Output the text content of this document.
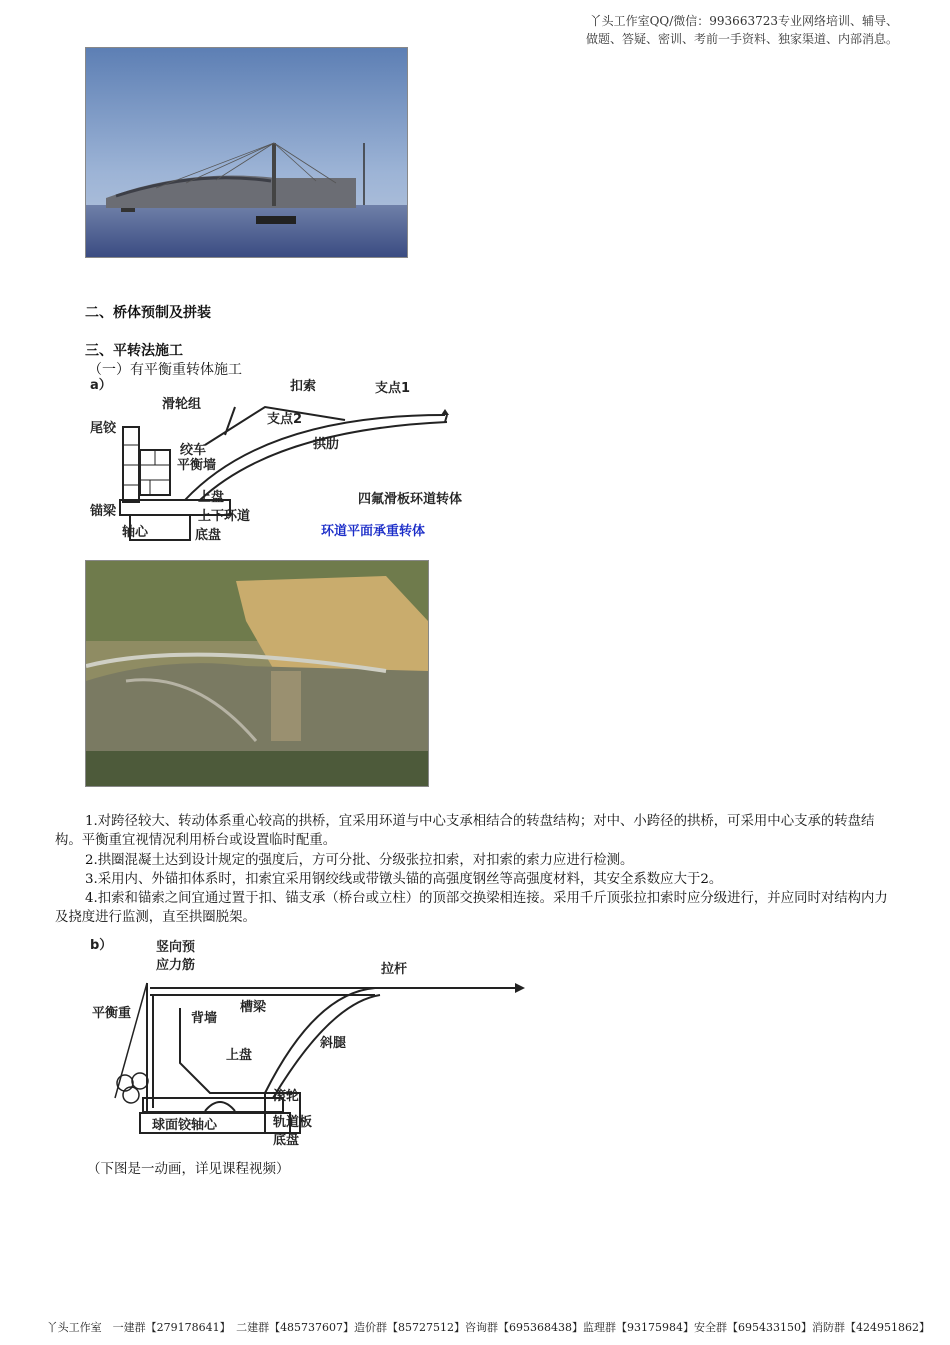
丫头工作室QQ/微信：993663723专业网络培训、辅导、
做题、答疑、密训、考前一手资料、独家渠道、内部消息。
二、桥体预制及拼装
三、平转法施工
（一）有平衡重转体施工
a）	扣索	支点1
滑轮组
支点2
尾铰
绞车	拱肋
平衡墙
上盘	四氟滑板环道转体
锚梁	上下环道
轴心	底盘	环道平面承重转体
1.对跨径较大、转动体系重心较高的拱桥，宜采用环道与中心支承相结合的转盘结构；对中、小跨径的拱桥，可采用中心支承的转盘结构。平衡重宜视情况利用桥台或设置临时配重。
2.拱圈混凝土达到设计规定的强度后，方可分批、分级张拉扣索，对扣索的索力应进行检测。
3.采用内、外锚扣体系时，扣索宜采用钢绞线或带镦头锚的高强度钢丝等高强度材料，其安全系数应大于2。
4.扣索和锚索之间宜通过置于扣、锚支承（桥台或立柱）的顶部交换梁相连接。采用千斤顶张拉扣索时应分级进行，并应同时对结构内力及挠度进行监测，直至拱圈脱架。
b）	竖向预
应力筋	拉杆
槽梁
平衡重	背墙
斜腿
上盘
滚轮
球面铰轴心	轨道板
底盘
（下图是一动画，详见课程视频）
丫头工作室　一建群【279178641】　二建群【485737607】造价群【85727512】咨询群【695368438】监理群【93175984】安全群【695433150】消防群【424951862】
